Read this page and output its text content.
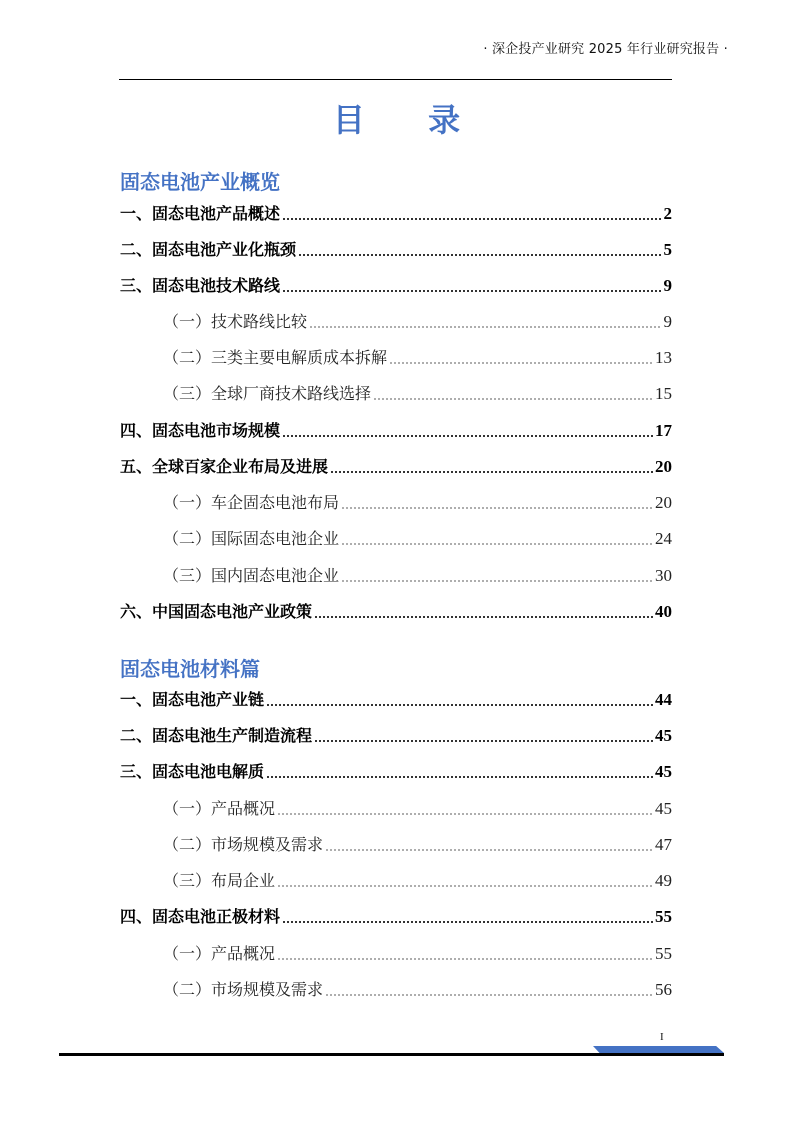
· 深企投产业研究 2025 年行业研究报告 ·
目 录
固态电池产业概览
一、固态电池产品概述	2
二、固态电池产业化瓶颈	5
三、固态电池技术路线	9
（一）技术路线比较	9
（二）三类主要电解质成本拆解	13
（三）全球厂商技术路线选择	15
四、固态电池市场规模	17
五、全球百家企业布局及进展	20
（一）车企固态电池布局	20
（二）国际固态电池企业	24
（三）国内固态电池企业	30
六、中国固态电池产业政策	40
固态电池材料篇
一、固态电池产业链	44
二、固态电池生产制造流程	45
三、固态电池电解质	45
（一）产品概况	45
（二）市场规模及需求	47
（三）布局企业	49
四、固态电池正极材料	55
（一）产品概况	55
（二）市场规模及需求	56
I
